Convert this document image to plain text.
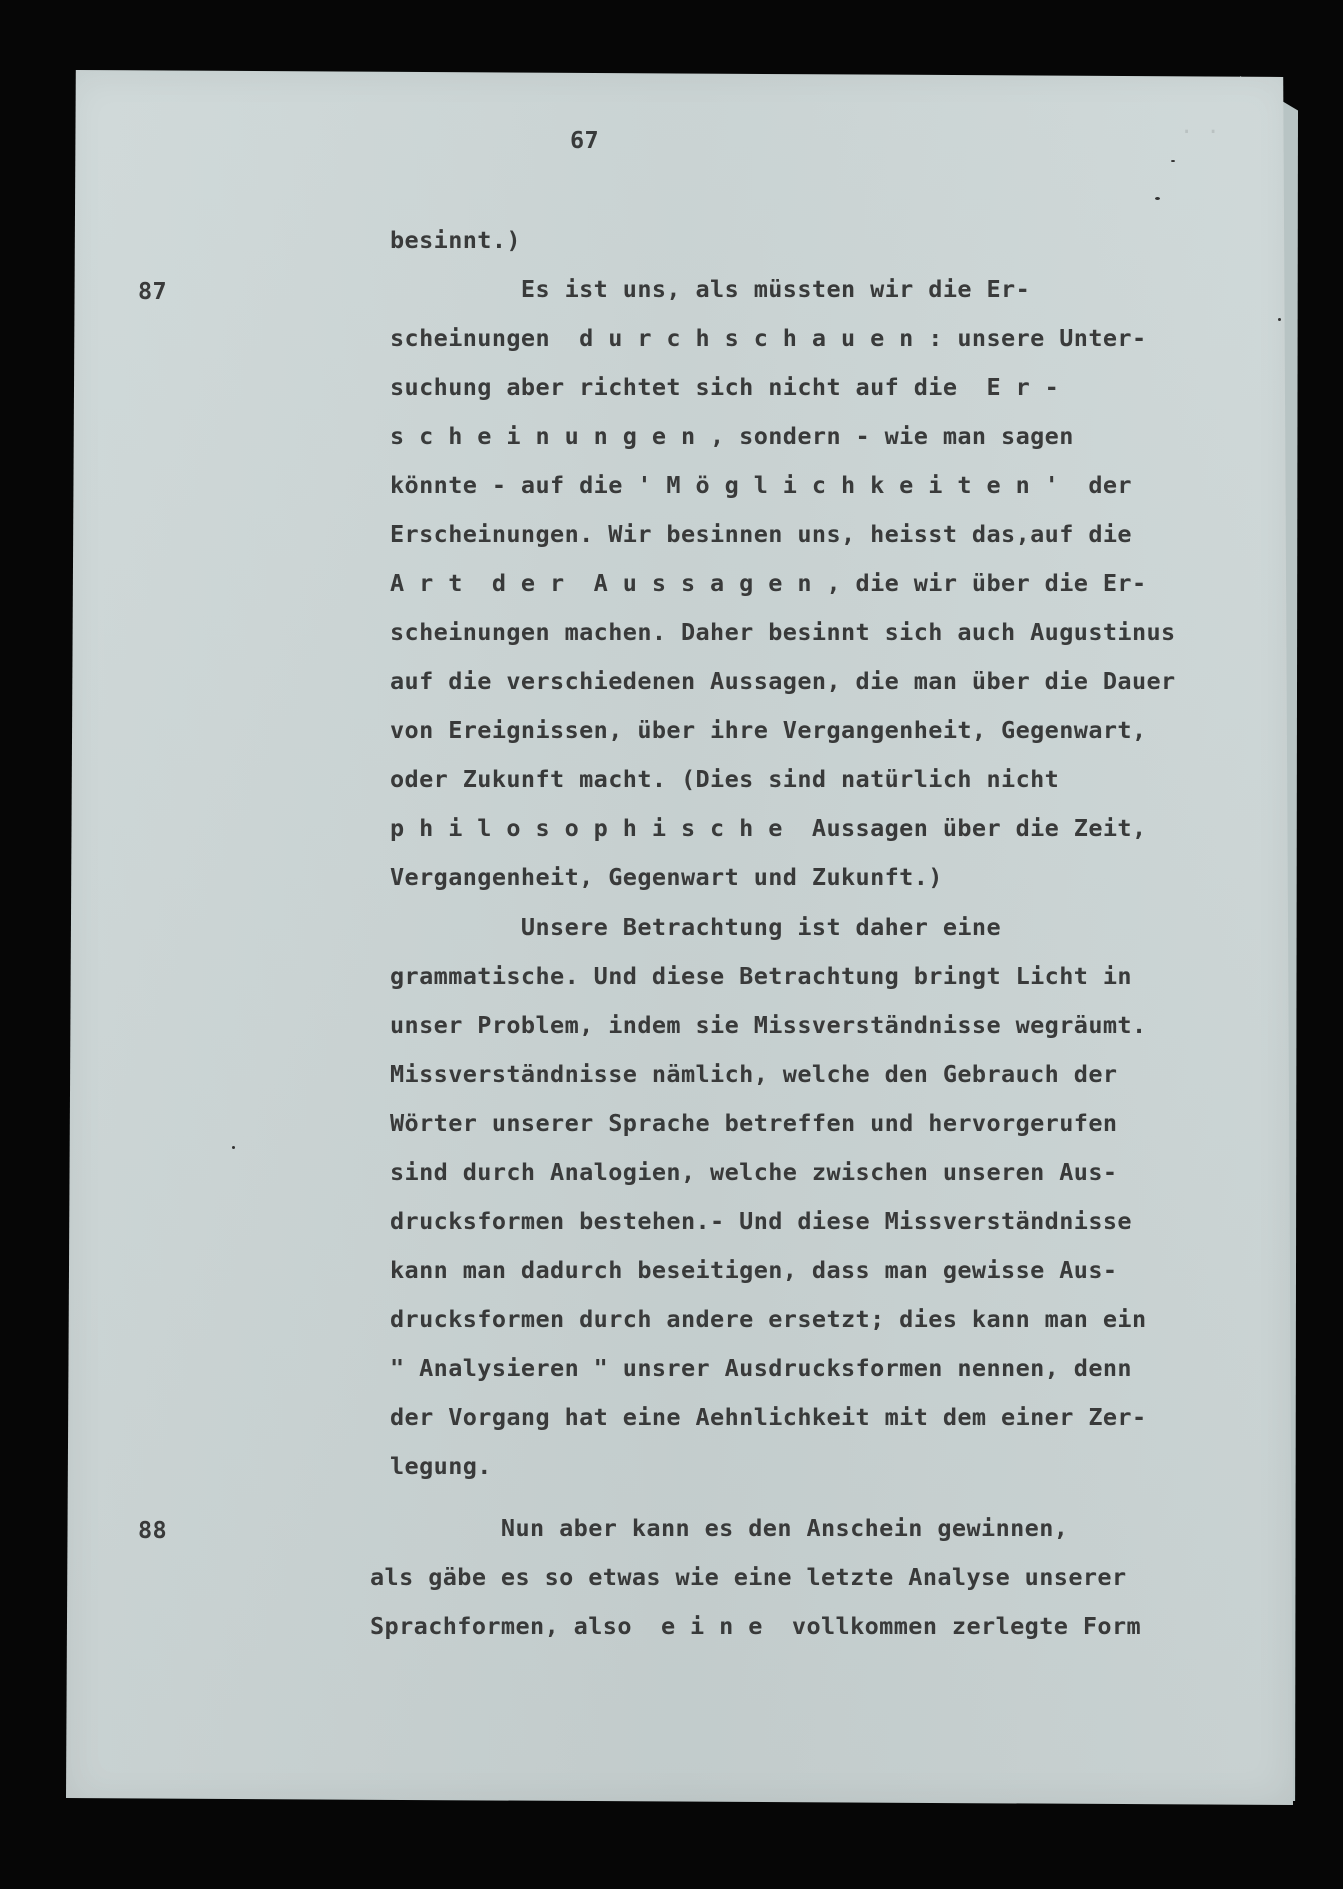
· ·
67
87
88
besinnt.)
Es ist uns, als müssten wir die Er-
scheinungen  d u r c h s c h a u e n : unsere Unter-
suchung aber richtet sich nicht auf die  E r -
s c h e i n u n g e n , sondern - wie man sagen
könnte - auf die ' M ö g l i c h k e i t e n '  der
Erscheinungen. Wir besinnen uns, heisst das,auf die
A r t  d e r  A u s s a g e n , die wir über die Er-
scheinungen machen. Daher besinnt sich auch Augustinus
auf die verschiedenen Aussagen, die man über die Dauer
von Ereignissen, über ihre Vergangenheit, Gegenwart,
oder Zukunft macht. (Dies sind natürlich nicht
p h i l o s o p h i s c h e  Aussagen über die Zeit,
Vergangenheit, Gegenwart und Zukunft.)
Unsere Betrachtung ist daher eine
grammatische. Und diese Betrachtung bringt Licht in
unser Problem, indem sie Missverständnisse wegräumt.
Missverständnisse nämlich, welche den Gebrauch der
Wörter unserer Sprache betreffen und hervorgerufen
sind durch Analogien, welche zwischen unseren Aus-
drucksformen bestehen.- Und diese Missverständnisse
kann man dadurch beseitigen, dass man gewisse Aus-
drucksformen durch andere ersetzt; dies kann man ein
" Analysieren " unsrer Ausdrucksformen nennen, denn
der Vorgang hat eine Aehnlichkeit mit dem einer Zer-
legung.
Nun aber kann es den Anschein gewinnen,
als gäbe es so etwas wie eine letzte Analyse unserer
Sprachformen, also  e i n e  vollkommen zerlegte Form
